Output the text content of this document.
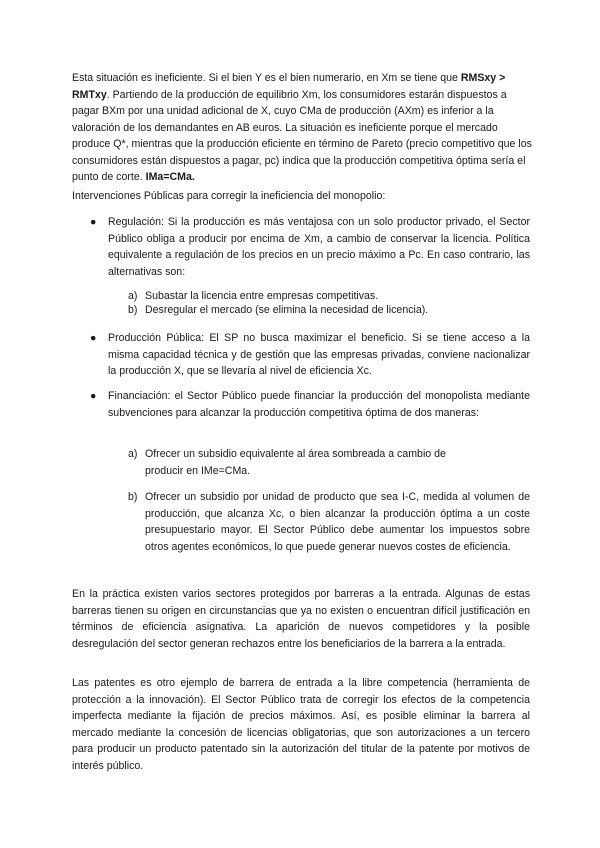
Esta situación es ineficiente. Si el bien Y es el bien numerario, en Xm se tiene que RMSxy > RMTxy. Partiendo de la producción de equilibrio Xm, los consumidores estarán dispuestos a pagar BXm por una unidad adicional de X, cuyo CMa de producción (AXm) es inferior a la valoración de los demandantes en AB euros. La situación es ineficiente porque el mercado produce Q*, mientras que la producción eficiente en término de Pareto (precio competitivo que los consumidores están dispuestos a pagar, pc) indica que la producción competitiva óptima sería el punto de corte. IMa=CMa.

Intervenciones Públicas para corregir la ineficiencia del monopolio:

● Regulación: Si la producción es más ventajosa con un solo productor privado, el Sector Público obliga a producir por encima de Xm, a cambio de conservar la licencia. Política equivalente a regulación de los precios en un precio máximo a Pc. En caso contrario, las alternativas son:

a) Subastar la licencia entre empresas competitivas.

b) Desregular el mercado (se elimina la necesidad de licencia).

● Producción Pública: El SP no busca maximizar el beneficio. Si se tiene acceso a la misma capacidad técnica y de gestión que las empresas privadas, conviene nacionalizar la producción X, que se llevaría al nivel de eficiencia Xc.

● Financiación: el Sector Público puede financiar la producción del monopolista mediante subvenciones para alcanzar la producción competitiva óptima de dos maneras:

a) Ofrecer un subsidio equivalente al área sombreada a cambio de producir en IMe=CMa.

b) Ofrecer un subsidio por unidad de producto que sea I-C, medida al volumen de producción, que alcanza Xc, o bien alcanzar la producción óptima a un coste presupuestario mayor. El Sector Público debe aumentar los impuestos sobre otros agentes económicos, lo que puede generar nuevos costes de eficiencia.

En la práctica existen varios sectores protegidos por barreras a la entrada. Algunas de estas barreras tienen su origen en circunstancias que ya no existen o encuentran difícil justificación en términos de eficiencia asignativa. La aparición de nuevos competidores y la posible desregulación del sector generan rechazos entre los beneficiarios de la barrera a la entrada.

Las patentes es otro ejemplo de barrera de entrada a la libre competencia (herramienta de protección a la innovación). El Sector Público trata de corregir los efectos de la competencia imperfecta mediante la fijación de precios máximos. Así, es posible eliminar la barrera al mercado mediante la concesión de licencias obligatorias, que son autorizaciones a un tercero para producir un producto patentado sin la autorización del titular de la patente por motivos de interés público.
